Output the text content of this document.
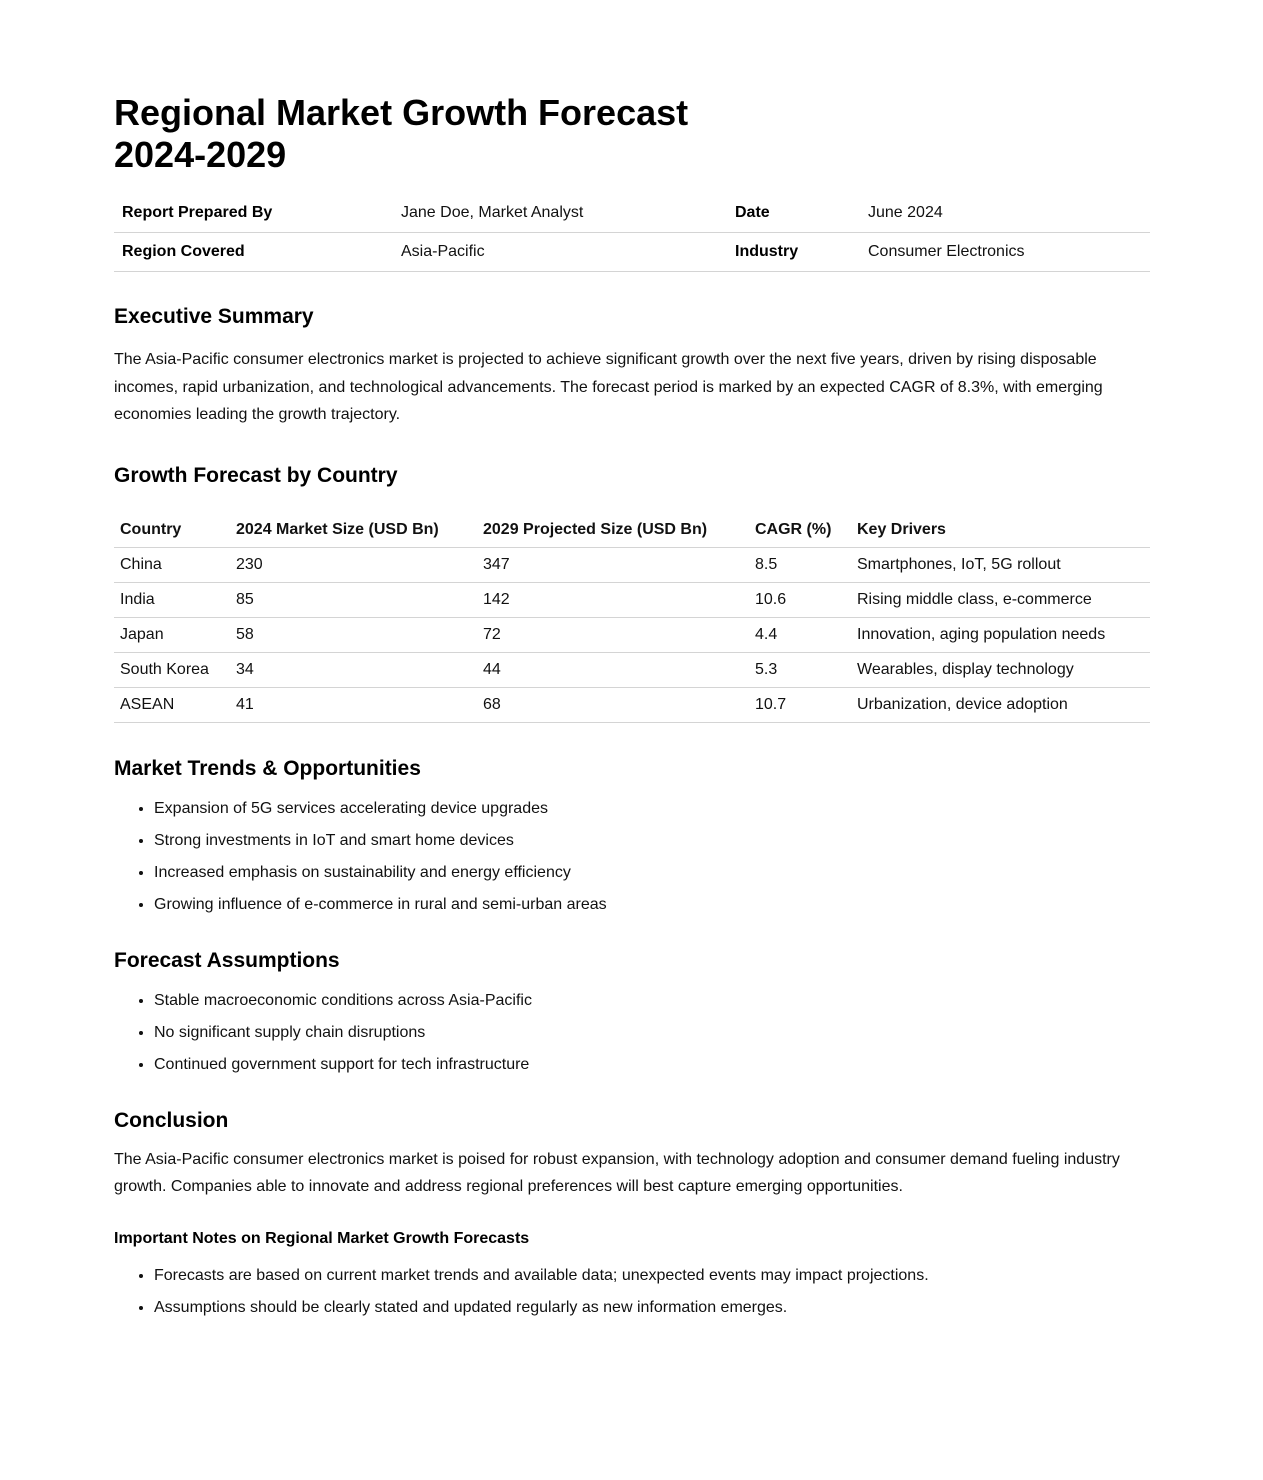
Regional Market Growth Forecast 2024-2029
Report Prepared By	Jane Doe, Market Analyst	Date	June 2024
Region Covered	Asia-Pacific	Industry	Consumer Electronics
Executive Summary

The Asia-Pacific consumer electronics market is projected to achieve significant growth over the next five years, driven by rising disposable incomes, rapid urbanization, and technological advancements. The forecast period is marked by an expected CAGR of 8.3%, with emerging economies leading the growth trajectory.

Growth Forecast by Country
Country	2024 Market Size (USD Bn)	2029 Projected Size (USD Bn)	CAGR (%)	Key Drivers
China	230	347	8.5	Smartphones, IoT, 5G rollout
India	85	142	10.6	Rising middle class, e-commerce
Japan	58	72	4.4	Innovation, aging population needs
South Korea	34	44	5.3	Wearables, display technology
ASEAN	41	68	10.7	Urbanization, device adoption
Market Trends & Opportunities
• Expansion of 5G services accelerating device upgrades
• Strong investments in IoT and smart home devices
• Increased emphasis on sustainability and energy efficiency
• Growing influence of e-commerce in rural and semi-urban areas
Forecast Assumptions
• Stable macroeconomic conditions across Asia-Pacific
• No significant supply chain disruptions
• Continued government support for tech infrastructure
Conclusion

The Asia-Pacific consumer electronics market is poised for robust expansion, with technology adoption and consumer demand fueling industry growth. Companies able to innovate and address regional preferences will best capture emerging opportunities.

Important Notes on Regional Market Growth Forecasts
• Forecasts are based on current market trends and available data; unexpected events may impact projections.
• Assumptions should be clearly stated and updated regularly as new information emerges.
